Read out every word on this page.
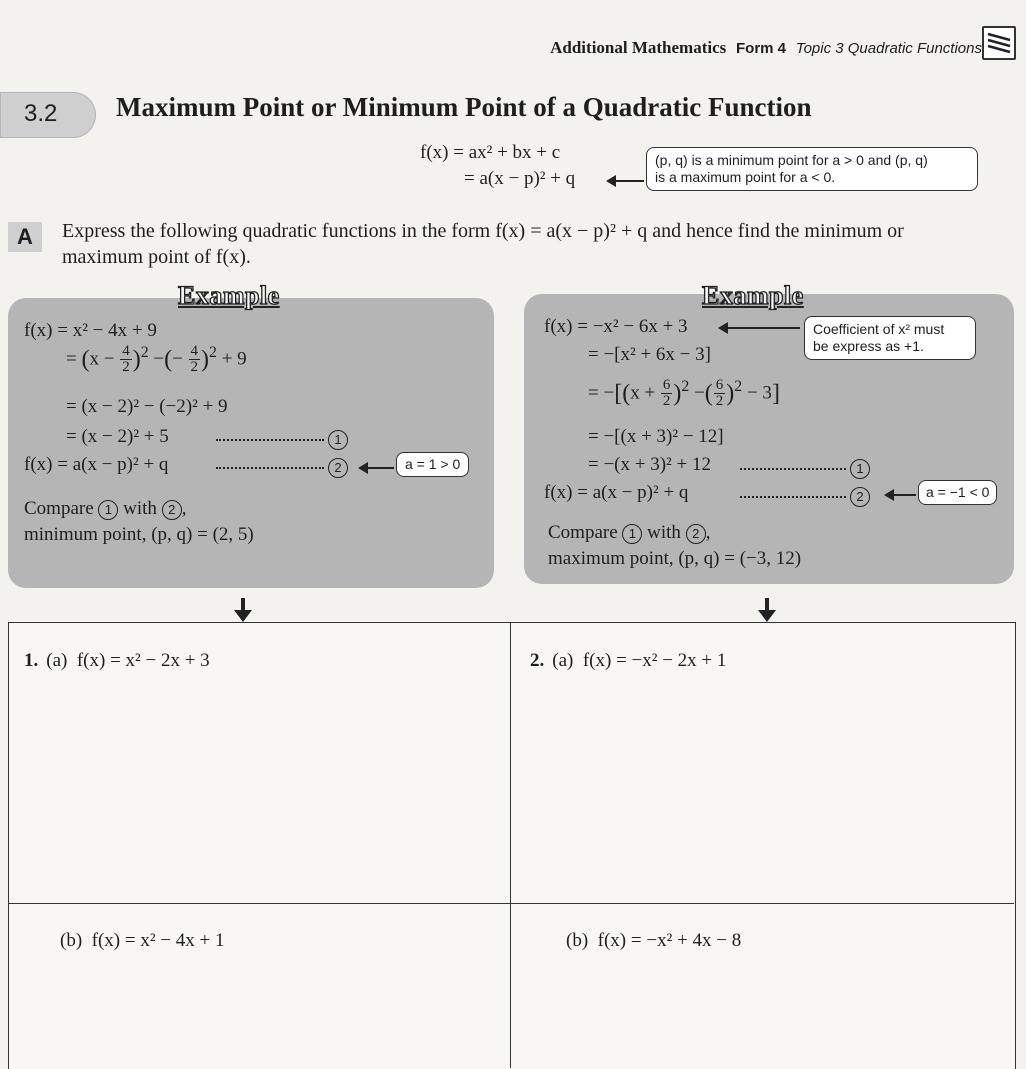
Additional Mathematics Form 4 Topic 3 Quadratic Functions
3.2 Maximum Point or Minimum Point of a Quadratic Function
f(x) = ax² + bx + c
= a(x − p)² + q
(p, q) is a minimum point for a > 0 and (p, q)
is a maximum point for a < 0.
A	Express the following quadratic functions in the form f(x) = a(x − p)² + q and hence find the minimum or
maximum point of f(x).
Example
f(x) = x² − 4x + 9
= $(x - \frac{4}{2} )^2$ −(− $\frac{4}{2} )^2 + 9$
= (x − 2)² − (−2)² + 9
= (x − 2)² + 5	1
f(x) = a(x − p)² + q	2	a = 1 > 0
Compare 1 with 2 ,
minimum point, (p, q) = (2, 5)
Example
f(x) = −x² − 6x + 3	Coefficient of x² must
be express as +1.
= −[x² + 6x − 3]
= $-[(x + \frac{6}{2} )^2$ −( $\frac{6}{2} )^2 - 3$]
= −[(x + 3)² − 12]
= −(x + 3)² + 12	1
f(x) = a(x − p)² + q	2	a = −1 < 0
Compare 1 with 2 ,
maximum point, (p, q) = (−3, 12)
1. (a) f(x) = x² − 2x + 3	2. (a) f(x) = −x² − 2x + 1
(b) f(x) = x² − 4x + 1	(b) f(x) = −x² + 4x − 8
